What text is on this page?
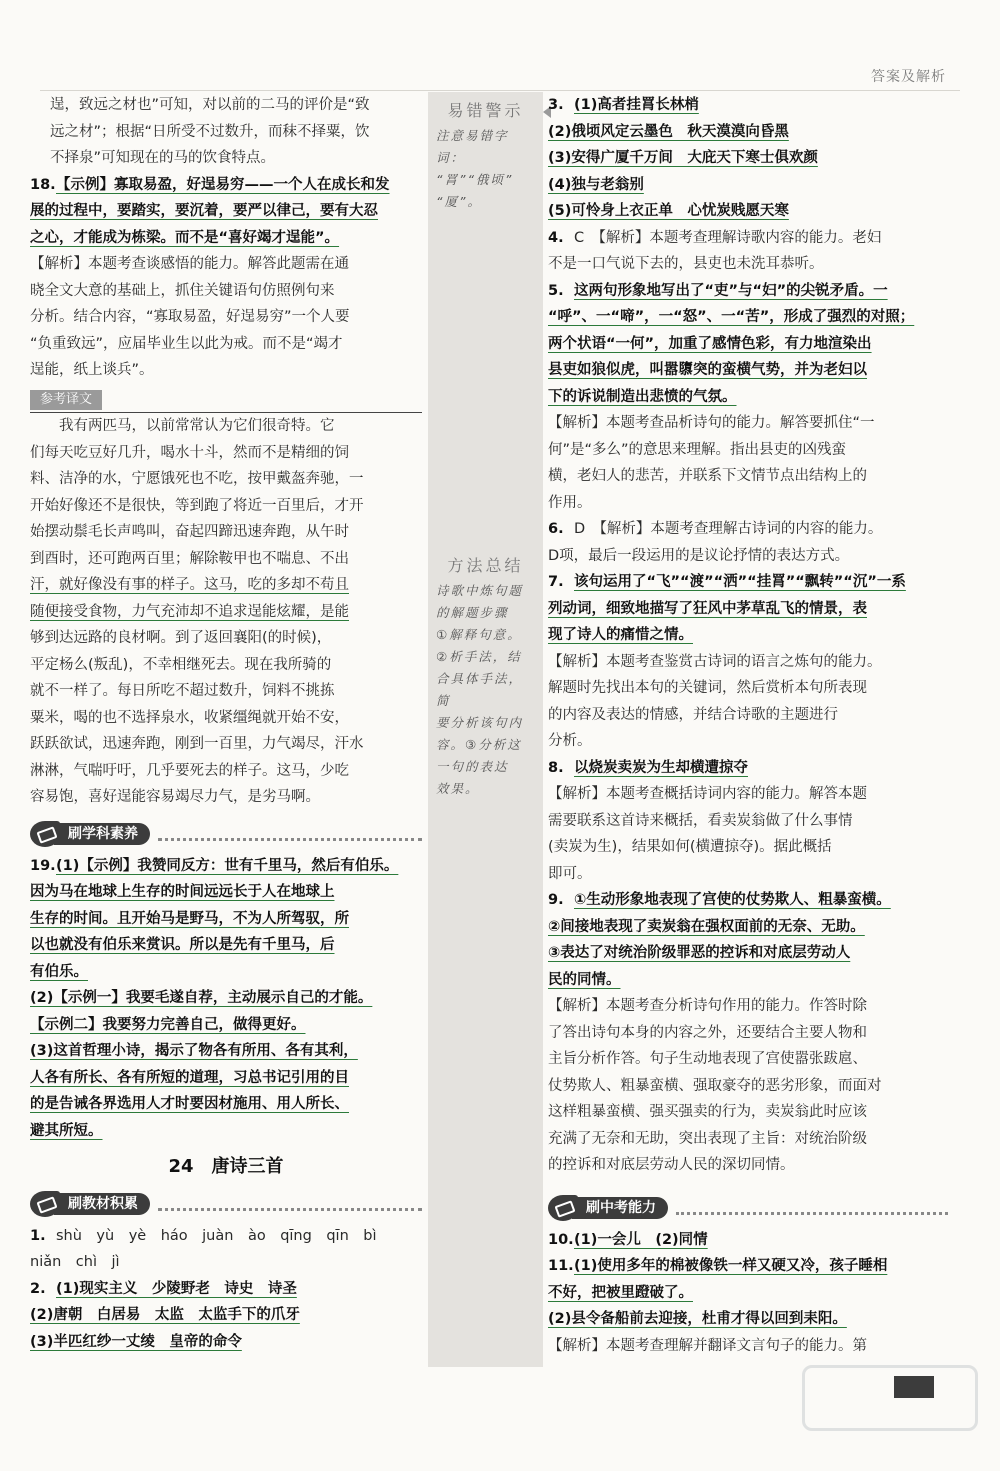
答案及解析

逞，致远之材也”可知，对以前的二马的评价是“致

远之材”；根据“日所受不过数升，而秣不择粟，饮

不择泉”可知现在的马的饮食特点。

18.【示例】寡取易盈，好逞易穷——一个人在成长和发

展的过程中，要踏实，要沉着，要严以律己，要有大忍

之心，才能成为栋梁。而不是“喜好竭才逞能”。

【解析】本题考查谈感悟的能力。解答此题需在通

晓全文大意的基础上，抓住关键语句仿照例句来

分析。结合内容，“寡取易盈，好逞易穷”一个人要

“负重致远”，应届毕业生以此为戒。而不是“竭才

逞能，纸上谈兵”。

参考译文

我有两匹马，以前常常认为它们很奇特。它

们每天吃豆好几升，喝水十斗，然而不是精细的饲

料、洁净的水，宁愿饿死也不吃，按甲戴盔奔驰，一

开始好像还不是很快，等到跑了将近一百里后，才开

始摆动鬃毛长声鸣叫，奋起四蹄迅速奔跑，从午时

到酉时，还可跑两百里；解除鞍甲也不喘息、不出

汗，就好像没有事的样子。这马，吃的多却不苟且

随便接受食物，力气充沛却不追求逞能炫耀，是能

够到达远路的良材啊。到了返回襄阳(的时候)，

平定杨么(叛乱)，不幸相继死去。现在我所骑的

就不一样了。每日所吃不超过数升，饲料不挑拣

粟米，喝的也不选择泉水，收紧缰绳就开始不安，

跃跃欲试，迅速奔跑，刚到一百里，力气竭尽，汗水

淋淋，气喘吁吁，几乎要死去的样子。这马，少吃

容易饱，喜好逞能容易竭尽力气，是劣马啊。

刷学科素养

19.(1)【示例】我赞同反方：世有千里马，然后有伯乐。

因为马在地球上生存的时间远远长于人在地球上

生存的时间。且开始马是野马，不为人所驾驭，所

以也就没有伯乐来赏识。所以是先有千里马，后

有伯乐。

(2)【示例一】我要毛遂自荐，主动展示自己的才能。

【示例二】我要努力完善自己，做得更好。

(3)这首哲理小诗，揭示了物各有所用、各有其利，

人各有所长、各有所短的道理，习总书记引用的目

的是告诫各界选用人才时要因材施用、用人所长、

避其所短。

24　唐诗三首
刷教材积累

1. shù　yù　yè　háo　juàn　ào　qīng　qīn　bì

niǎn　chì　jì

2. (1)现实主义　少陵野老　诗史　诗圣

(2)唐朝　白居易　太监　太监手下的爪牙

(3)半匹红纱一丈绫　皇帝的命令

易错警示
注意易错字词：
“罥”“俄顷”
“厦”。
方法总结
诗歌中炼句题
的解题步骤
①解释句意。
②析手法，结
合具体手法，简
要分析该句内
容。③分析这
一句的表达
效果。

3. (1)高者挂罥长林梢

(2)俄顷风定云墨色　秋天漠漠向昏黑

(3)安得广厦千万间　大庇天下寒士俱欢颜

(4)独与老翁别

(5)可怜身上衣正单　心忧炭贱愿天寒

4. C　【解析】本题考查理解诗歌内容的能力。老妇

不是一口气说下去的，县吏也未洗耳恭听。

5. 这两句形象地写出了“吏”与“妇”的尖锐矛盾。一

“呼”、一“啼”，一“怒”、一“苦”，形成了强烈的对照；

两个状语“一何”，加重了感情色彩，有力地渲染出

县吏如狼似虎，叫嚣隳突的蛮横气势，并为老妇以

下的诉说制造出悲愤的气氛。

【解析】本题考查品析诗句的能力。解答要抓住“一

何”是“多么”的意思来理解。指出县吏的凶残蛮

横，老妇人的悲苦，并联系下文情节点出结构上的

作用。

6. D　【解析】本题考查理解古诗词的内容的能力。

D项，最后一段运用的是议论抒情的表达方式。

7. 该句运用了“飞”“渡”“洒”“挂罥”“飘转”“沉”一系

列动词，细致地描写了狂风中茅草乱飞的情景，表

现了诗人的痛惜之情。

【解析】本题考查鉴赏古诗词的语言之炼句的能力。

解题时先找出本句的关键词，然后赏析本句所表现

的内容及表达的情感，并结合诗歌的主题进行

分析。

8. 以烧炭卖炭为生却横遭掠夺

【解析】本题考查概括诗词内容的能力。解答本题

需要联系这首诗来概括，看卖炭翁做了什么事情

(卖炭为生)，结果如何(横遭掠夺)。据此概括

即可。

9. ①生动形象地表现了宫使的仗势欺人、粗暴蛮横。

②间接地表现了卖炭翁在强权面前的无奈、无助。

③表达了对统治阶级罪恶的控诉和对底层劳动人

民的同情。

【解析】本题考查分析诗句作用的能力。作答时除

了答出诗句本身的内容之外，还要结合主要人物和

主旨分析作答。句子生动地表现了宫使嚣张跋扈、

仗势欺人、粗暴蛮横、强取豪夺的恶劣形象，而面对

这样粗暴蛮横、强买强卖的行为，卖炭翁此时应该

充满了无奈和无助，突出表现了主旨：对统治阶级

的控诉和对底层劳动人民的深切同情。

刷中考能力

10.(1)一会儿　(2)同情

11.(1)使用多年的棉被像铁一样又硬又冷，孩子睡相

不好，把被里蹬破了。

(2)县令备船前去迎接，杜甫才得以回到耒阳。

【解析】本题考查理解并翻译文言句子的能力。第
